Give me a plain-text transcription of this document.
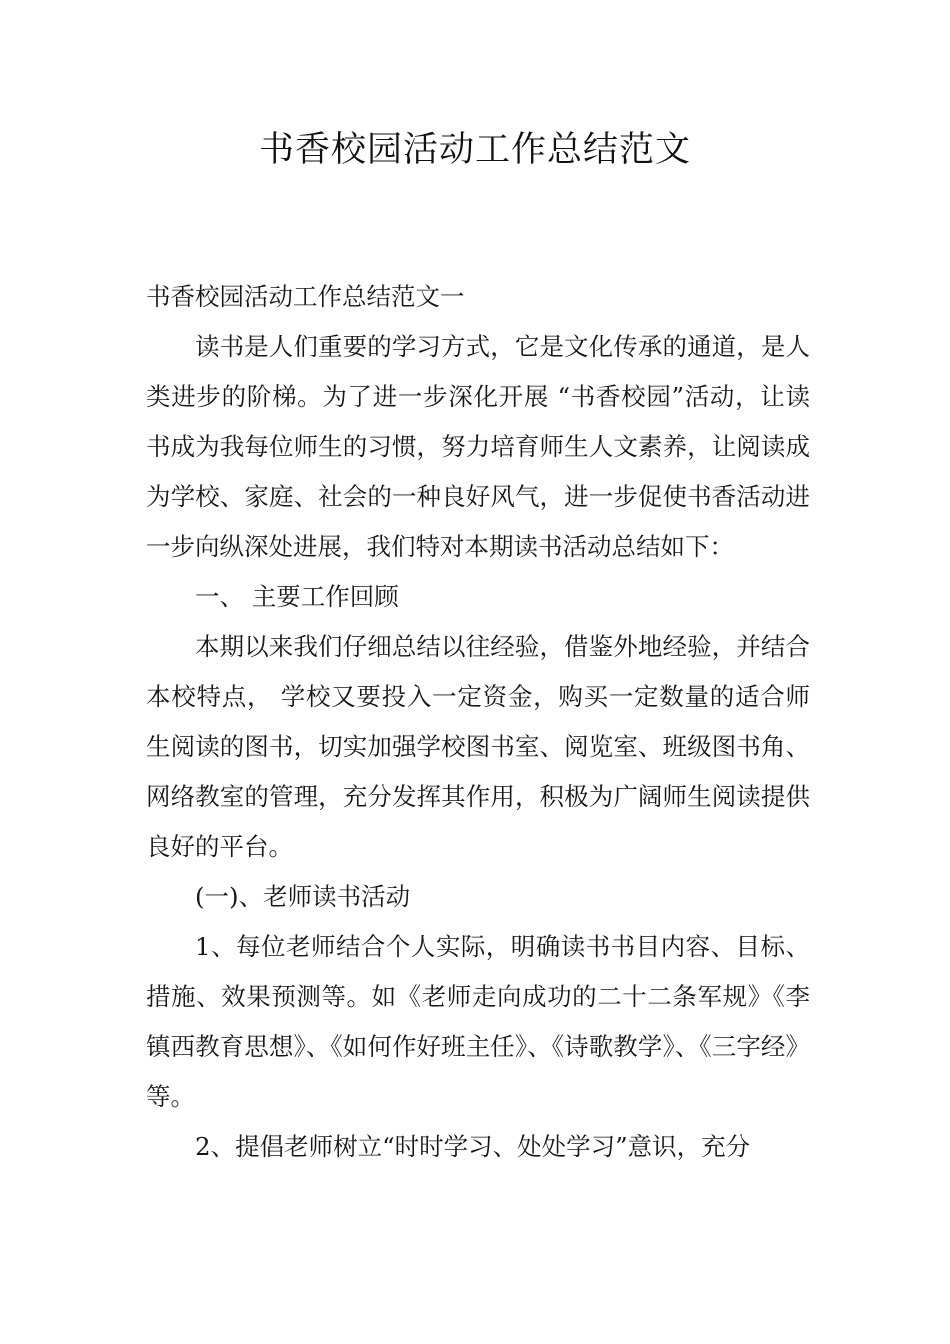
书香校园活动工作总结范文

书香校园活动工作总结范文一

读书是人们重要的学习方式，它是文化传承的通道，是人类进步的阶梯。为了进一步深化开展 “书香校园”活动，让读书成为我每位师生的习惯，努力培育师生人文素养，让阅读成为学校、家庭、社会的一种良好风气，进一步促使书香活动进一步向纵深处进展，我们特对本期读书活动总结如下：

一、 主要工作回顾

本期以来我们仔细总结以往经验，借鉴外地经验，并结合本校特点， 学校又要投入一定资金，购买一定数量的适合师生阅读的图书，切实加强学校图书室、阅览室、班级图书角、网络教室的管理，充分发挥其作用，积极为广阔师生阅读提供良好的平台。

(一)、老师读书活动

1、每位老师结合个人实际，明确读书书目内容、目标、措施、效果预测等。如《老师走向成功的二十二条军规》《李镇西教育思想》、《如何作好班主任》、《诗歌教学》、《三字经》等。

2、提倡老师树立“时时学习、处处学习”意识，充分
